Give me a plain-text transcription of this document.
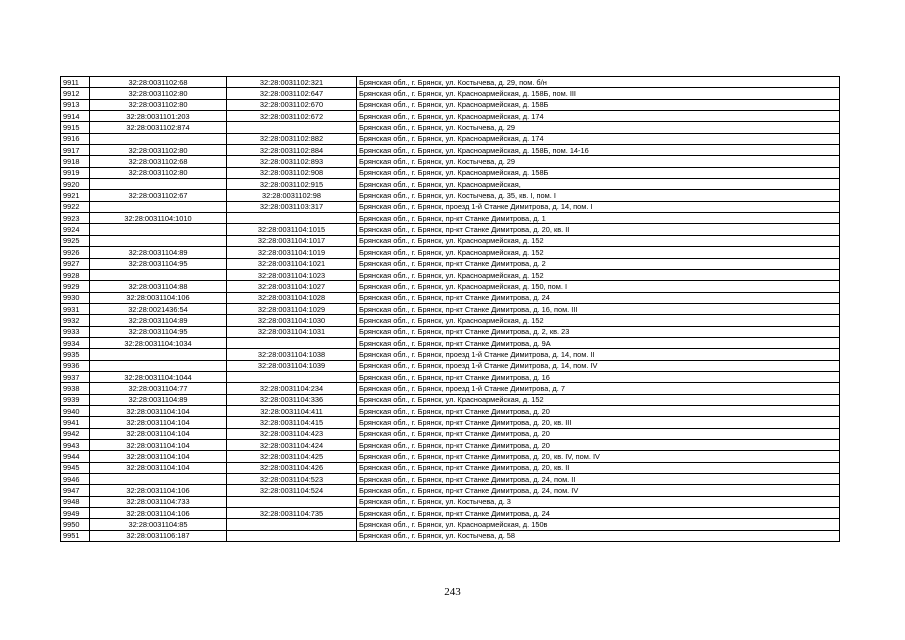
9911	32:28:0031102:68	32:28:0031102:321	Брянская обл., г. Брянск, ул. Костычева, д. 29, пом. б/н
9912	32:28:0031102:80	32:28:0031102:647	Брянская обл., г. Брянск, ул. Красноармейская, д. 158Б, пом. III
9913	32:28:0031102:80	32:28:0031102:670	Брянская обл., г. Брянск, ул. Красноармейская, д. 158Б
9914	32:28:0031101:203	32:28:0031102:672	Брянская обл., г. Брянск, ул. Красноармейская, д. 174
9915	32:28:0031102:874		Брянская обл., г. Брянск, ул. Костычева, д. 29
9916		32:28:0031102:882	Брянская обл., г. Брянск, ул. Красноармейская, д. 174
9917	32:28:0031102:80	32:28:0031102:884	Брянская обл., г. Брянск, ул. Красноармейская, д. 158Б, пом. 14-16
9918	32:28:0031102:68	32:28:0031102:893	Брянская обл., г. Брянск, ул. Костычева, д. 29
9919	32:28:0031102:80	32:28:0031102:908	Брянская обл., г. Брянск, ул. Красноармейская, д. 158Б
9920		32:28:0031102:915	Брянская обл., г. Брянск, ул. Красноармейская,
9921	32:28:0031102:67	32:28:0031102:98	Брянская обл., г. Брянск, ул. Костычева, д. 35, кв. I, пом. I
9922		32:28:0031103:317	Брянская обл., г. Брянск, проезд 1-й Станке Димитрова, д. 14, пом. I
9923	32:28:0031104:1010		Брянская обл., г. Брянск, пр-кт Станке Димитрова, д. 1
9924		32:28:0031104:1015	Брянская обл., г. Брянск, пр-кт Станке Димитрова, д. 20, кв. II
9925		32:28:0031104:1017	Брянская обл., г. Брянск, ул. Красноармейская, д. 152
9926	32:28:0031104:89	32:28:0031104:1019	Брянская обл., г. Брянск, ул. Красноармейская, д. 152
9927	32:28:0031104:95	32:28:0031104:1021	Брянская обл., г. Брянск, пр-кт Станке Димитрова, д. 2
9928		32:28:0031104:1023	Брянская обл., г. Брянск, ул. Красноармейская, д. 152
9929	32:28:0031104:88	32:28:0031104:1027	Брянская обл., г. Брянск, ул. Красноармейская, д. 150, пом. I
9930	32:28:0031104:106	32:28:0031104:1028	Брянская обл., г. Брянск, пр-кт Станке Димитрова, д. 24
9931	32:28:0021436:54	32:28:0031104:1029	Брянская обл., г. Брянск, пр-кт Станке Димитрова, д. 16, пом. III
9932	32:28:0031104:89	32:28:0031104:1030	Брянская обл., г. Брянск, ул. Красноармейская, д. 152
9933	32:28:0031104:95	32:28:0031104:1031	Брянская обл., г. Брянск, пр-кт Станке Димитрова, д. 2, кв. 23
9934	32:28:0031104:1034		Брянская обл., г. Брянск, пр-кт Станке Димитрова, д. 9А
9935		32:28:0031104:1038	Брянская обл., г. Брянск, проезд 1-й Станке Димитрова, д. 14, пом. II
9936		32:28:0031104:1039	Брянская обл., г. Брянск, проезд 1-й Станке Димитрова, д. 14, пом. IV
9937	32:28:0031104:1044		Брянская обл., г. Брянск, пр-кт Станке Димитрова, д. 16
9938	32:28:0031104:77	32:28:0031104:234	Брянская обл., г. Брянск, проезд 1-й Станке Димитрова, д. 7
9939	32:28:0031104:89	32:28:0031104:336	Брянская обл., г. Брянск, ул. Красноармейская, д. 152
9940	32:28:0031104:104	32:28:0031104:411	Брянская обл., г. Брянск, пр-кт Станке Димитрова, д. 20
9941	32:28:0031104:104	32:28:0031104:415	Брянская обл., г. Брянск, пр-кт Станке Димитрова, д. 20, кв. III
9942	32:28:0031104:104	32:28:0031104:423	Брянская обл., г. Брянск, пр-кт Станке Димитрова, д. 20
9943	32:28:0031104:104	32:28:0031104:424	Брянская обл., г. Брянск, пр-кт Станке Димитрова, д. 20
9944	32:28:0031104:104	32:28:0031104:425	Брянская обл., г. Брянск, пр-кт Станке Димитрова, д. 20, кв. IV, пом. IV
9945	32:28:0031104:104	32:28:0031104:426	Брянская обл., г. Брянск, пр-кт Станке Димитрова, д. 20, кв. II
9946		32:28:0031104:523	Брянская обл., г. Брянск, пр-кт Станке Димитрова, д. 24, пом. II
9947	32:28:0031104:106	32:28:0031104:524	Брянская обл., г. Брянск, пр-кт Станке Димитрова, д. 24, пом. IV
9948	32:28:0031104:733		Брянская обл., г. Брянск, ул. Костычева, д. 3
9949	32:28:0031104:106	32:28:0031104:735	Брянская обл., г. Брянск, пр-кт Станке Димитрова, д. 24
9950	32:28:0031104:85		Брянская обл., г. Брянск, ул. Красноармейская, д. 150в
9951	32:28:0031106:187		Брянская обл., г. Брянск, ул. Костычева, д. 58
243
